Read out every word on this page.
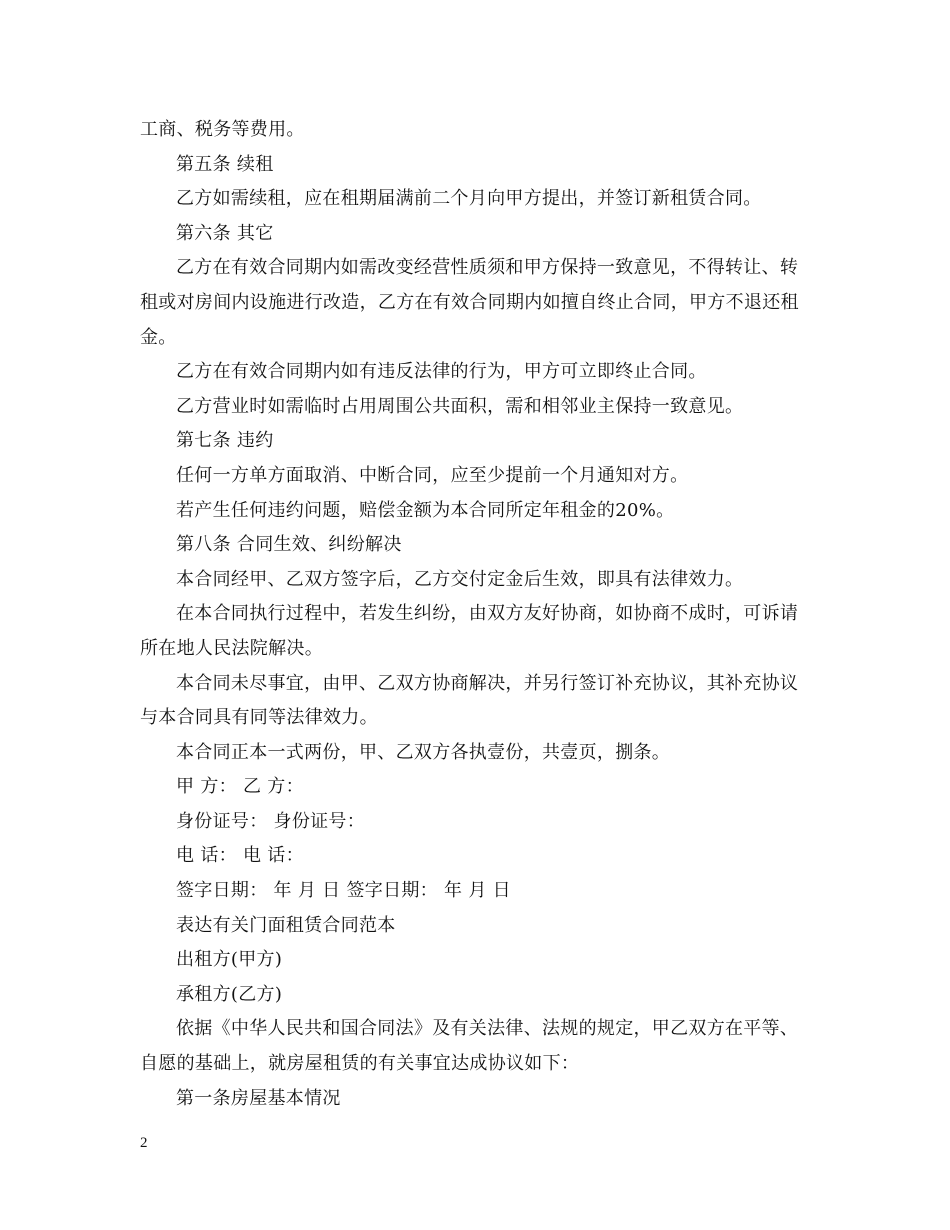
工商、税务等费用。
第五条 续租
乙方如需续租，应在租期届满前二个月向甲方提出，并签订新租赁合同。
第六条 其它
乙方在有效合同期内如需改变经营性质须和甲方保持一致意见，不得转让、转
租或对房间内设施进行改造，乙方在有效合同期内如擅自终止合同，甲方不退还租
金。
乙方在有效合同期内如有违反法律的行为，甲方可立即终止合同。
乙方营业时如需临时占用周围公共面积，需和相邻业主保持一致意见。
第七条 违约
任何一方单方面取消、中断合同，应至少提前一个月通知对方。
若产生任何违约问题，赔偿金额为本合同所定年租金的20%。
第八条 合同生效、纠纷解决
本合同经甲、乙双方签字后，乙方交付定金后生效，即具有法律效力。
在本合同执行过程中，若发生纠纷，由双方友好协商，如协商不成时，可诉请
所在地人民法院解决。
本合同未尽事宜，由甲、乙双方协商解决，并另行签订补充协议，其补充协议
与本合同具有同等法律效力。
本合同正本一式两份，甲、乙双方各执壹份，共壹页，捌条。
甲 方： 乙 方：
身份证号： 身份证号：
电 话： 电 话：
签字日期： 年 月 日 签字日期： 年 月 日
表达有关门面租赁合同范本
出租方(甲方)
承租方(乙方)
依据《中华人民共和国合同法》及有关法律、法规的规定，甲乙双方在平等、
自愿的基础上，就房屋租赁的有关事宜达成协议如下：
第一条房屋基本情况
2
